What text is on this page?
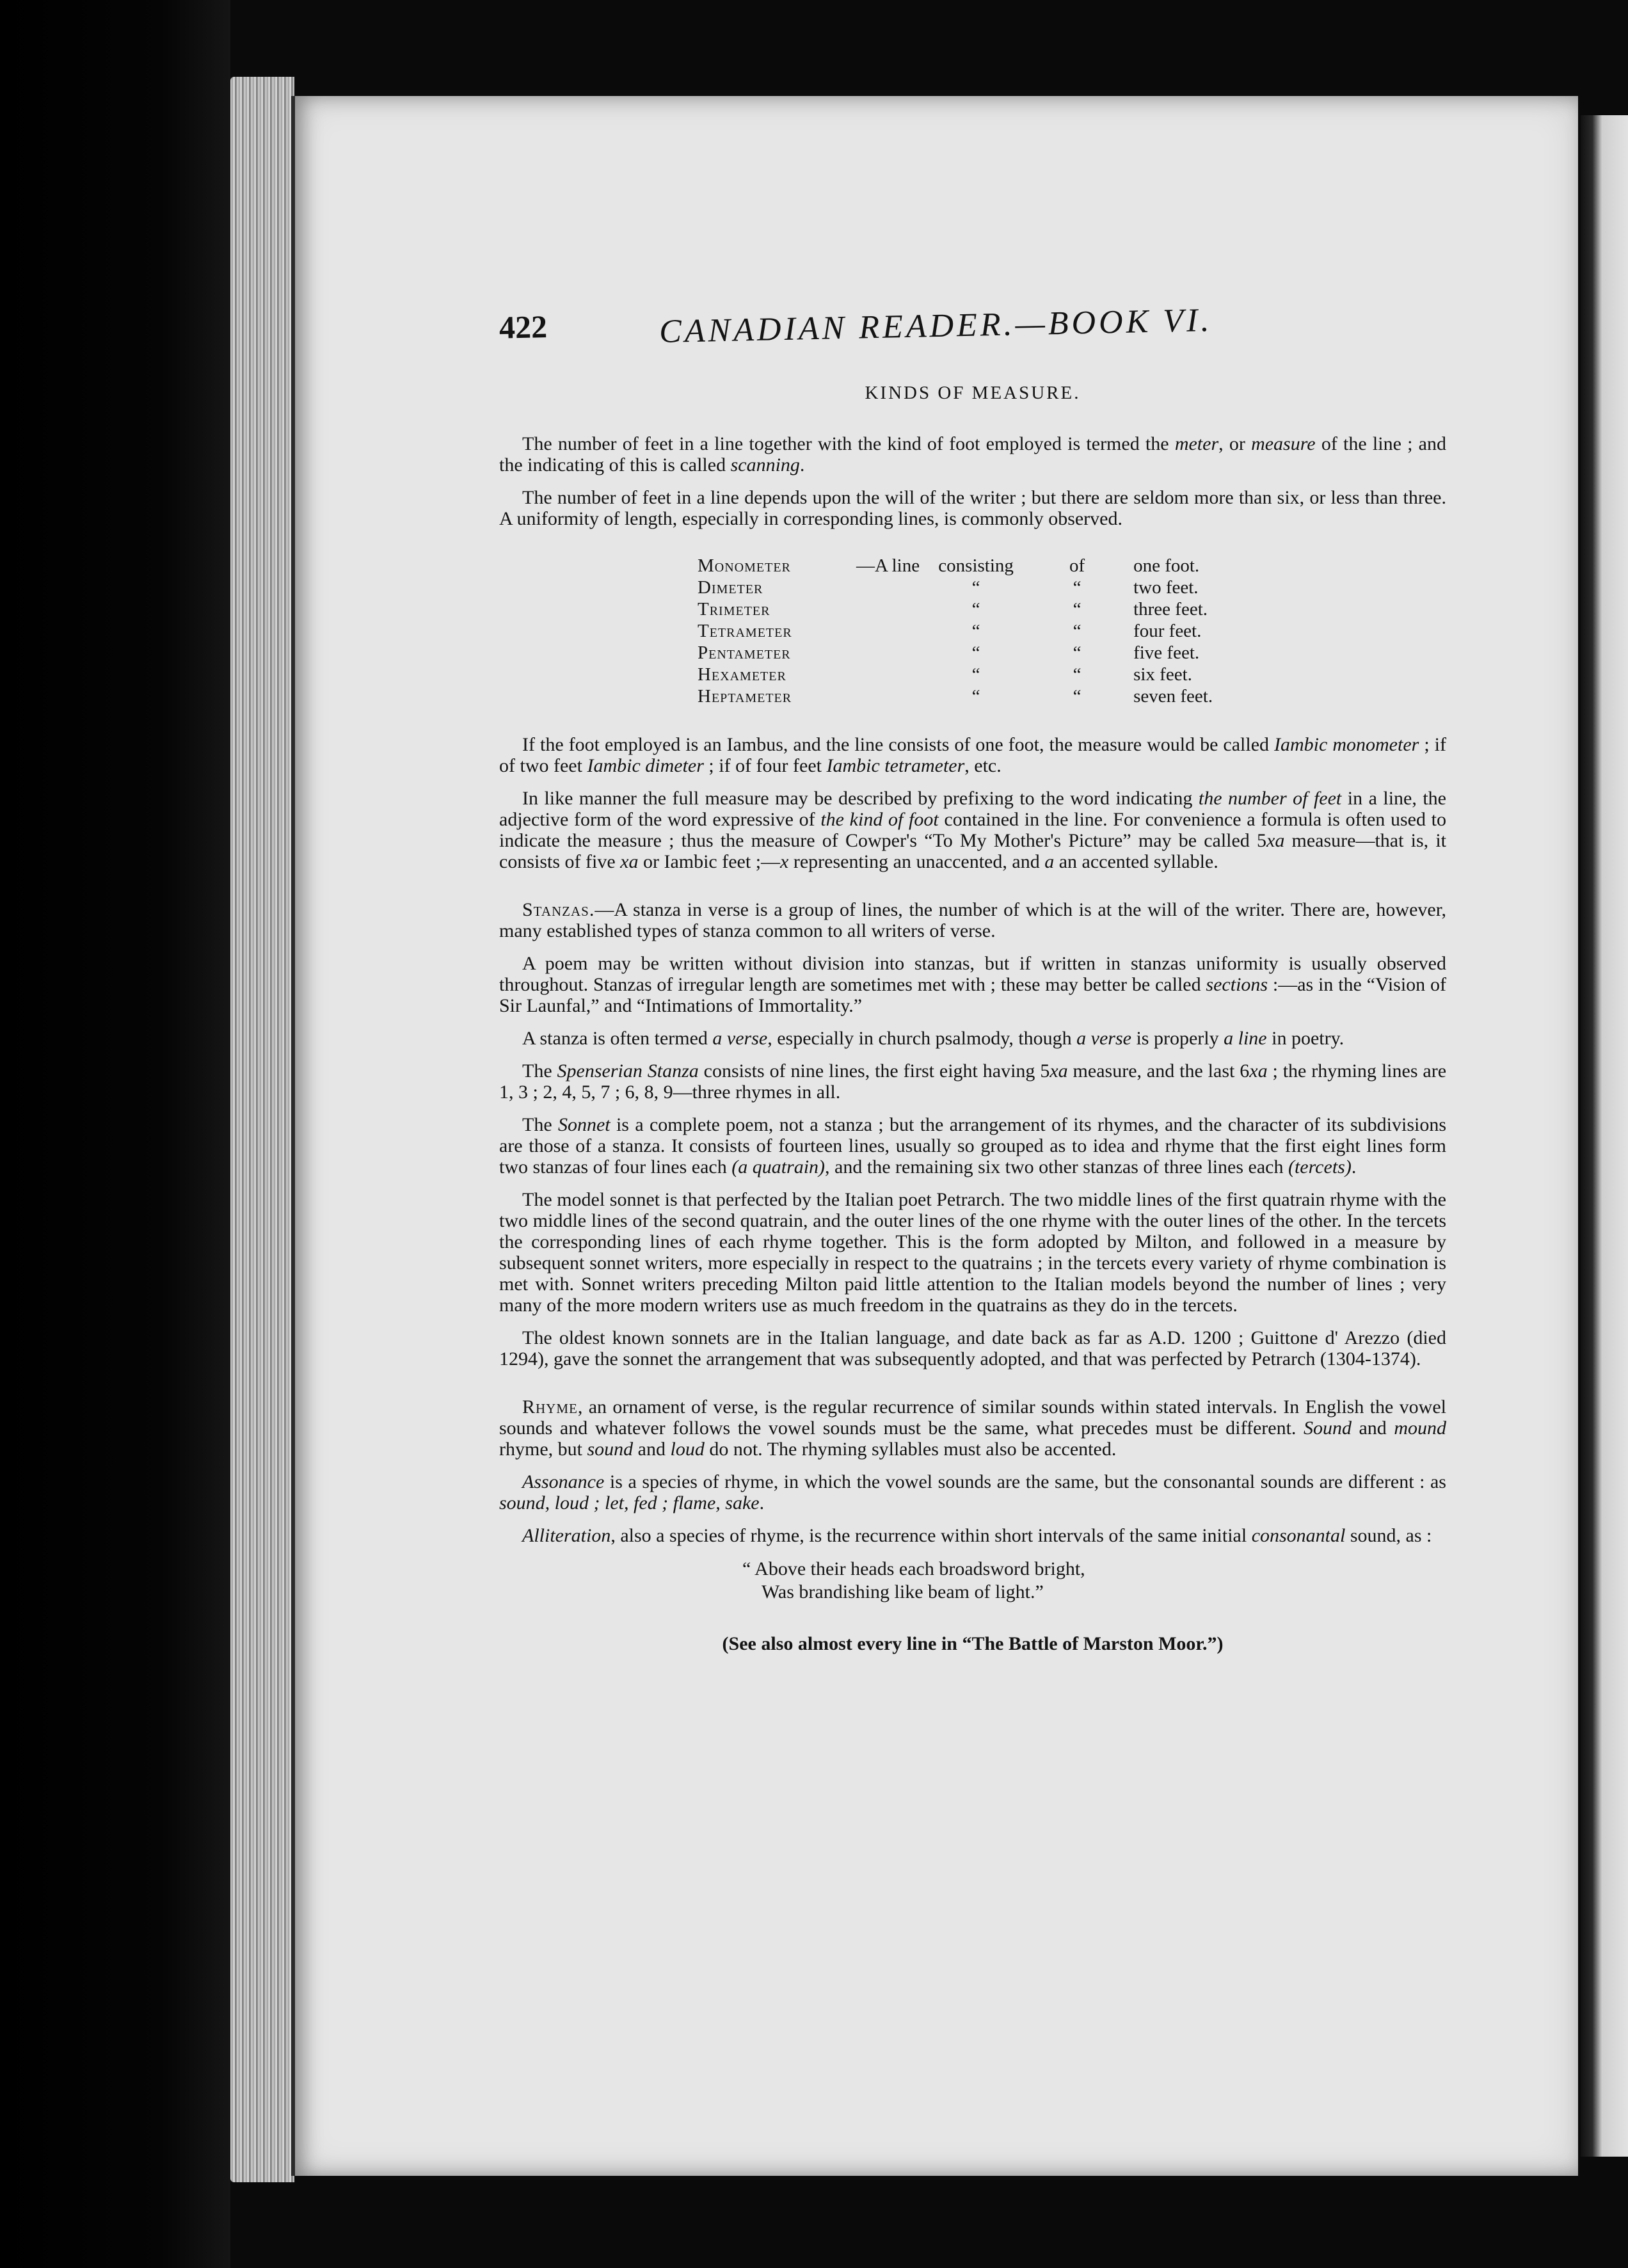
422	CANADIAN READER.—BOOK VI.
KINDS OF MEASURE.

The number of feet in a line together with the kind of foot employed is termed the meter, or measure of the line ; and the indicating of this is called scanning.

The number of feet in a line depends upon the will of the writer ; but there are seldom more than six, or less than three. A uniformity of length, especially in corresponding lines, is commonly observed.

Monometer	—A line	consisting	of	one foot.
Dimeter		“	“	two feet.
Trimeter		“	“	three feet.
Tetrameter		“	“	four feet.
Pentameter		“	“	five feet.
Hexameter		“	“	six feet.
Heptameter		“	“	seven feet.

If the foot employed is an Iambus, and the line consists of one foot, the measure would be called Iambic monometer ; if of two feet Iambic dimeter ; if of four feet Iambic tetrameter, etc.

In like manner the full measure may be described by prefixing to the word indicating the number of feet in a line, the adjective form of the word expressive of the kind of foot contained in the line. For convenience a formula is often used to indicate the measure ; thus the measure of Cowper's “To My Mother's Picture” may be called 5xa measure—that is, it consists of five xa or Iambic feet ;—x representing an unaccented, and a an accented syllable.

Stanzas.—A stanza in verse is a group of lines, the number of which is at the will of the writer. There are, however, many established types of stanza common to all writers of verse.

A poem may be written without division into stanzas, but if written in stanzas uniformity is usually observed throughout. Stanzas of irregular length are sometimes met with ; these may better be called sections :—as in the “Vision of Sir Launfal,” and “Intimations of Immortality.”

A stanza is often termed a verse, especially in church psalmody, though a verse is properly a line in poetry.

The Spenserian Stanza consists of nine lines, the first eight having 5xa measure, and the last 6xa ; the rhyming lines are 1, 3 ; 2, 4, 5, 7 ; 6, 8, 9—three rhymes in all.

The Sonnet is a complete poem, not a stanza ; but the arrangement of its rhymes, and the character of its subdivisions are those of a stanza. It consists of fourteen lines, usually so grouped as to idea and rhyme that the first eight lines form two stanzas of four lines each (a quatrain), and the remaining six two other stanzas of three lines each (tercets).

The model sonnet is that perfected by the Italian poet Petrarch. The two middle lines of the first quatrain rhyme with the two middle lines of the second quatrain, and the outer lines of the one rhyme with the outer lines of the other. In the tercets the corresponding lines of each rhyme together. This is the form adopted by Milton, and followed in a measure by subsequent sonnet writers, more especially in respect to the quatrains ; in the tercets every variety of rhyme combination is met with. Sonnet writers preceding Milton paid little attention to the Italian models beyond the number of lines ; very many of the more modern writers use as much freedom in the quatrains as they do in the tercets.

The oldest known sonnets are in the Italian language, and date back as far as A.D. 1200 ; Guittone d' Arezzo (died 1294), gave the sonnet the arrangement that was subsequently adopted, and that was perfected by Petrarch (1304-1374).

Rhyme, an ornament of verse, is the regular recurrence of similar sounds within stated intervals. In English the vowel sounds and whatever follows the vowel sounds must be the same, what precedes must be different. Sound and mound rhyme, but sound and loud do not. The rhyming syllables must also be accented.

Assonance is a species of rhyme, in which the vowel sounds are the same, but the consonantal sounds are different : as sound, loud ; let, fed ; flame, sake.

Alliteration, also a species of rhyme, is the recurrence within short intervals of the same initial consonantal sound, as :

“ Above their heads each broadsword bright,
Was brandishing like beam of light.”
(See also almost every line in “The Battle of Marston Moor.”)
